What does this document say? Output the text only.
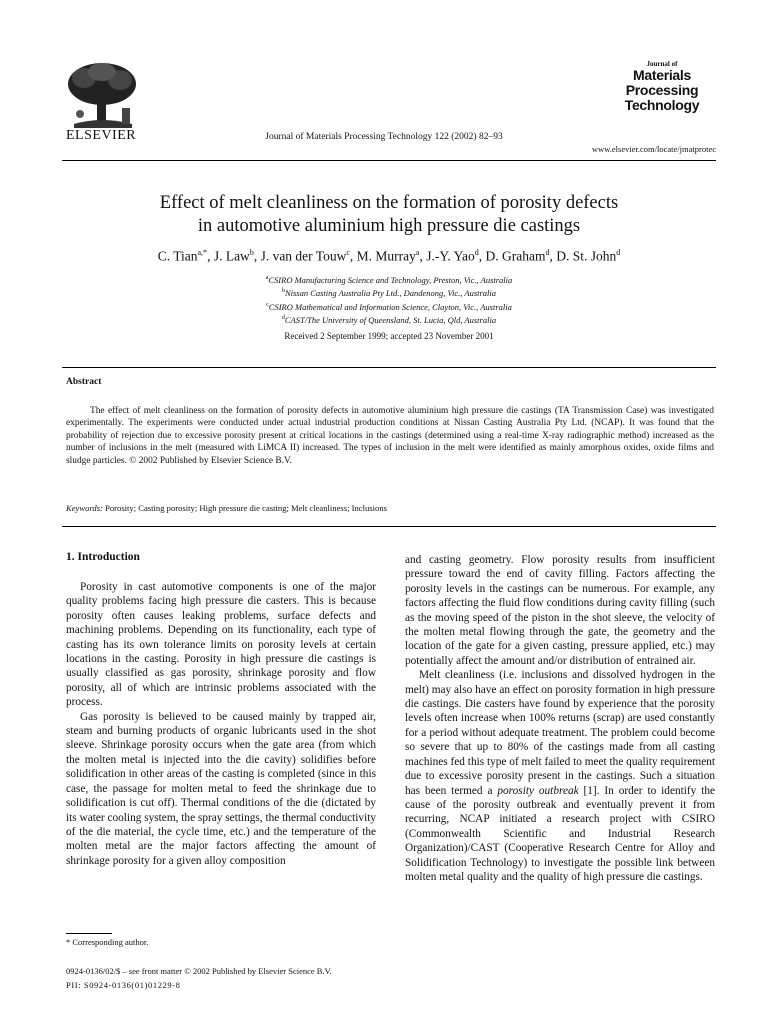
ELSEVIER	Journal of Materials Processing Technology 122 (2002) 82–93
Journal of
Materials
Processing
Technology
www.elsevier.com/locate/jmatprotec
Effect of melt cleanliness on the formation of porosity defects
in automotive aluminium high pressure die castings
C. Tian$^{a,*}$, J. Law$^b$, J. van der Touw$^c$, M. Murray$^a$, J.-Y. Yao$^d$, D. Graham$^d$, D. St. John$^d$
$^a$CSIRO Manufacturing Science and Technology, Preston, Vic., Australia
$^b$Nissan Casting Australia Pty Ltd., Dandenong, Vic., Australia
$^c$CSIRO Mathematical and Information Science, Clayton, Vic., Australia
$^d$CAST/The University of Queensland, St. Lucia, Qld, Australia
Received 2 September 1999; accepted 23 November 2001
Abstract
The effect of melt cleanliness on the formation of porosity defects in automotive aluminium high pressure die castings (TA Transmission Case) was investigated experimentally. The experiments were conducted under actual industrial production conditions at Nissan Casting Australia Pty Ltd. (NCAP). It was found that the probability of rejection due to excessive porosity present at critical locations in the castings (determined using a real-time X-ray radiographic method) increased as the number of inclusions in the melt (measured with LiMCA II) increased. The types of inclusion in the melt were identified as mainly amorphous oxides, oxide films and sludge particles. © 2002 Published by Elsevier Science B.V.
Keywords: Porosity; Casting porosity; High pressure die casting; Melt cleanliness; Inclusions
1. Introduction

Porosity in cast automotive components is one of the major quality problems facing high pressure die casters. This is because porosity often causes leaking problems, surface defects and machining problems. Depending on its functionality, each type of casting has its own tolerance limits on porosity levels at certain locations in the casting. Porosity in high pressure die castings is usually classified as gas porosity, shrinkage porosity and flow porosity, all of which are intrinsic problems associated with the process.

Gas porosity is believed to be caused mainly by trapped air, steam and burning products of organic lubricants used in the shot sleeve. Shrinkage porosity occurs when the gate area (from which the molten metal is injected into the die cavity) solidifies before solidification in other areas of the casting is completed (since in this case, the passage for molten metal to feed the shrinkage due to solidification is cut off). Thermal conditions of the die (dictated by its water cooling system, the spray settings, the thermal conductivity of the die material, the cycle time, etc.) and the temperature of the molten metal are the major factors affecting the amount of shrinkage porosity for a given alloy composition

and casting geometry. Flow porosity results from insufficient pressure toward the end of cavity filling. Factors affecting the porosity levels in the castings can be numerous. For example, any factors affecting the fluid flow conditions during cavity filling (such as the moving speed of the piston in the shot sleeve, the velocity of the molten metal flowing through the gate, the geometry and the location of the gate for a given casting, pressure applied, etc.) may potentially affect the amount and/or distribution of entrained air.

Melt cleanliness (i.e. inclusions and dissolved hydrogen in the melt) may also have an effect on porosity formation in high pressure die castings. Die casters have found by experience that the porosity levels often increase when 100% returns (scrap) are used constantly for a period without adequate treatment. The problem could become so severe that up to 80% of the castings made from all casting machines fed this type of melt failed to meet the quality requirement due to excessive porosity present in the castings. Such a situation has been termed a porosity outbreak [1]. In order to identify the cause of the porosity outbreak and eventually prevent it from recurring, NCAP initiated a research project with CSIRO (Commonwealth Scientific and Industrial Research Organization)/CAST (Cooperative Research Centre for Alloy and Solidification Technology) to investigate the possible link between molten metal quality and the quality of high pressure die castings.

* Corresponding author.
0924-0136/02/$ – see front matter © 2002 Published by Elsevier Science B.V.
PII: S0924-0136(01)01229-8
